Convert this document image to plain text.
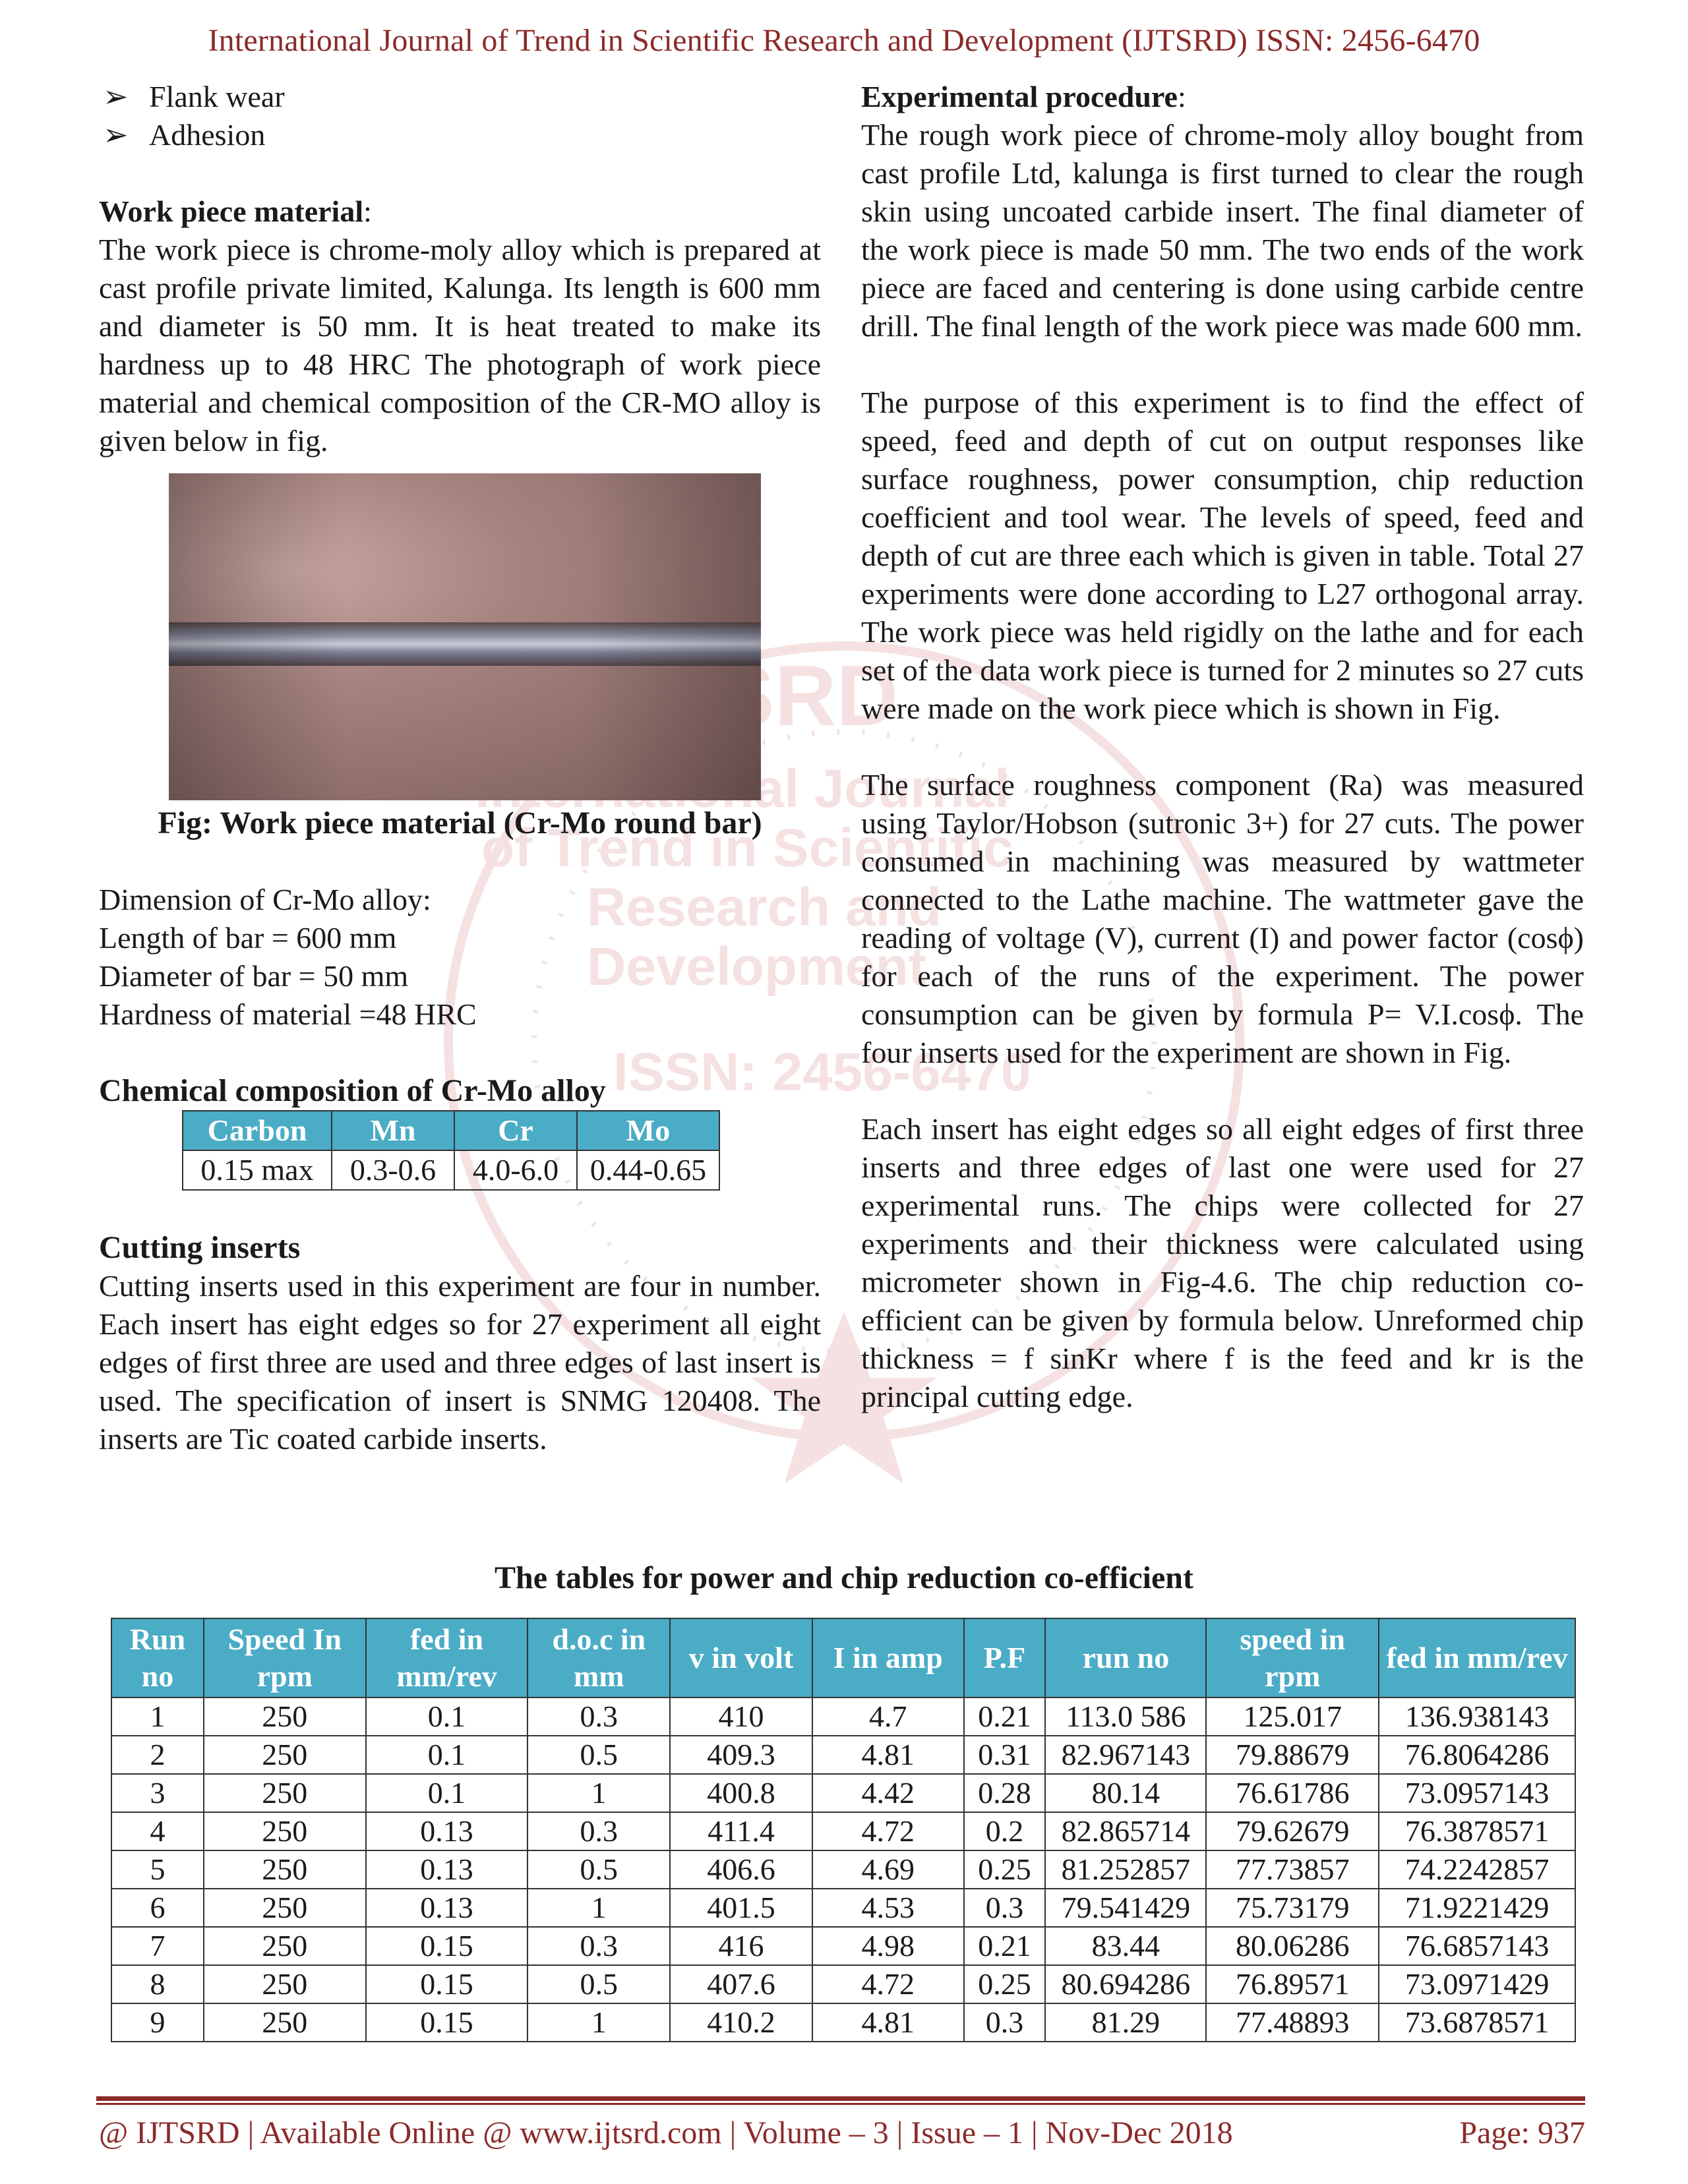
Journal
of Trend in Scientific
Research and
Development
ISSN: 2456-6470
International Journal of Trend in Scientific Research and Development (IJTSRD) ISSN: 2456-6470
➢ Flank wear
➢ Adhesion
Work piece material:

The work piece is chrome-moly alloy which is prepared at cast profile private limited, Kalunga. Its length is 600 mm and diameter is 50 mm. It is heat treated to make its hardness up to 48 HRC The photograph of work piece material and chemical composition of the CR-MO alloy is given below in fig.

Fig: Work piece material (Cr-Mo round bar)

Dimension of Cr-Mo alloy:

Length of bar = 600 mm

Diameter of bar = 50 mm

Hardness of material =48 HRC

Chemical composition of Cr-Mo alloy
Carbon	Mn	Cr	Mo
0.15 max	0.3-0.6	4.0-6.0	0.44-0.65
Cutting inserts

Cutting inserts used in this experiment are four in number. Each insert has eight edges so for 27 experiment all eight edges of first three are used and three edges of last insert is used. The specification of insert is SNMG 120408. The inserts are Tic coated carbide inserts.

Experimental procedure:

The rough work piece of chrome-moly alloy bought from cast profile Ltd, kalunga is first turned to clear the rough skin using uncoated carbide insert. The final diameter of the work piece is made 50 mm. The two ends of the work piece are faced and centering is done using carbide centre drill. The final length of the work piece was made 600 mm.

The purpose of this experiment is to find the effect of speed, feed and depth of cut on output responses like surface roughness, power consumption, chip reduction coefficient and tool wear. The levels of speed, feed and depth of cut are three each which is given in table. Total 27 experiments were done according to L27 orthogonal array. The work piece was held rigidly on the lathe and for each set of the data work piece is turned for 2 minutes so 27 cuts were made on the work piece which is shown in Fig.

The surface roughness component (Ra) was measured using Taylor/Hobson (sutronic 3+) for 27 cuts. The power consumed in machining was measured by wattmeter connected to the Lathe machine. The wattmeter gave the reading of voltage (V), current (I) and power factor (cosϕ) for each of the runs of the experiment. The power consumption can be given by formula P= V.I.cosϕ. The four inserts used for the experiment are shown in Fig.

Each insert has eight edges so all eight edges of first three inserts and three edges of last one were used for 27 experimental runs. The chips were collected for 27 experiments and their thickness were calculated using micrometer shown in Fig-4.6. The chip reduction co-efficient can be given by formula below. Unreformed chip thickness = f sinKr where f is the feed and kr is the principal cutting edge.

The tables for power and chip reduction co-efficient
Run no	Speed In rpm	fed in mm/rev	d.o.c in mm	v in volt	I in amp	P.F	run no	speed in rpm	fed in mm/rev
1	250	0.1	0.3	410	4.7	0.21	113.0 586	125.017	136.938143
2	250	0.1	0.5	409.3	4.81	0.31	82.967143	79.88679	76.8064286
3	250	0.1	1	400.8	4.42	0.28	80.14	76.61786	73.0957143
4	250	0.13	0.3	411.4	4.72	0.2	82.865714	79.62679	76.3878571
5	250	0.13	0.5	406.6	4.69	0.25	81.252857	77.73857	74.2242857
6	250	0.13	1	401.5	4.53	0.3	79.541429	75.73179	71.9221429
7	250	0.15	0.3	416	4.98	0.21	83.44	80.06286	76.6857143
8	250	0.15	0.5	407.6	4.72	0.25	80.694286	76.89571	73.0971429
9	250	0.15	1	410.2	4.81	0.3	81.29	77.48893	73.6878571
@ IJTSRD | Available Online @ www.ijtsrd.com | Volume – 3 | Issue – 1 | Nov-Dec 2018	Page: 937
